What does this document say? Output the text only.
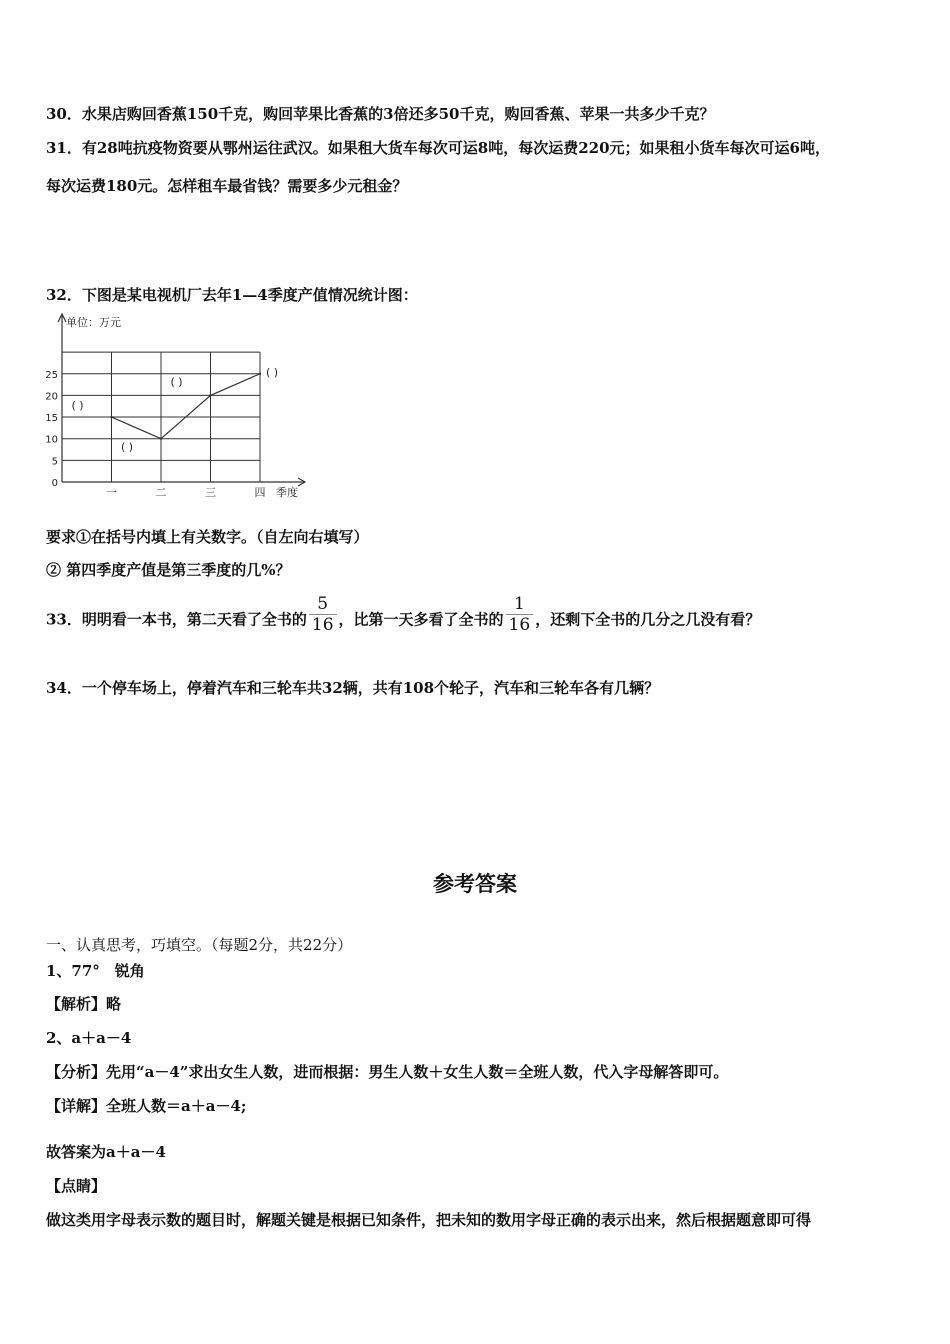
30．水果店购回香蕉150千克，购回苹果比香蕉的3倍还多50千克，购回香蕉、苹果一共多少千克？
31．有28吨抗疫物资要从鄂州运往武汉。如果租大货车每次可运8吨，每次运费220元；如果租小货车每次可运6吨，
每次运费180元。怎样租车最省钱？需要多少元租金？
32．下图是某电视机厂去年1—4季度产值情况统计图：
单位：万元
0
5
10
15
20
25
一	二	三	四 季度
( )
( )
( )
( )
要求①在括号内填上有关数字。（自左向右填写）
② 第四季度产值是第三季度的几%？
33．明明看一本书，第二天看了全书的 $\frac{5}{16}$ ，比第一天多看了全书的 $\frac{1}{16}$ ，还剩下全书的几分之几没有看？
34．一个停车场上，停着汽车和三轮车共32辆，共有108个轮子，汽车和三轮车各有几辆？
参考答案
一、认真思考，巧填空。（每题2分，共22分）
1、77°　锐角
【解析】略
2、a＋a－4
【分析】先用“a－4”求出女生人数，进而根据：男生人数＋女生人数＝全班人数，代入字母解答即可。
【详解】全班人数＝a＋a－4;
故答案为a＋a－4
【点睛】
做这类用字母表示数的题目时，解题关键是根据已知条件，把未知的数用字母正确的表示出来，然后根据题意即可得
